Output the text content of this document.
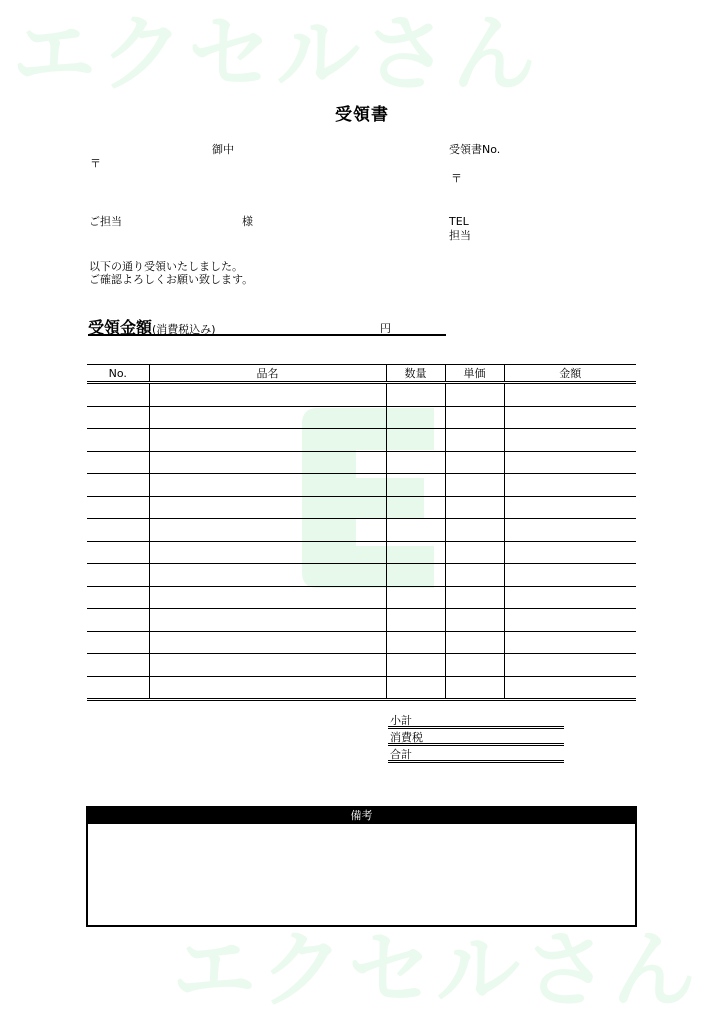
エクセルさん
エクセルさん
受領書
御中
〒
ご担当	様
受領書No.
〒
TEL
担当
以下の通り受領いたしました。
ご確認よろしくお願い致します。
受領金額(消費税込み)	円
No.	品名	数量	単価	金額

小計
消費税
合計
備考
